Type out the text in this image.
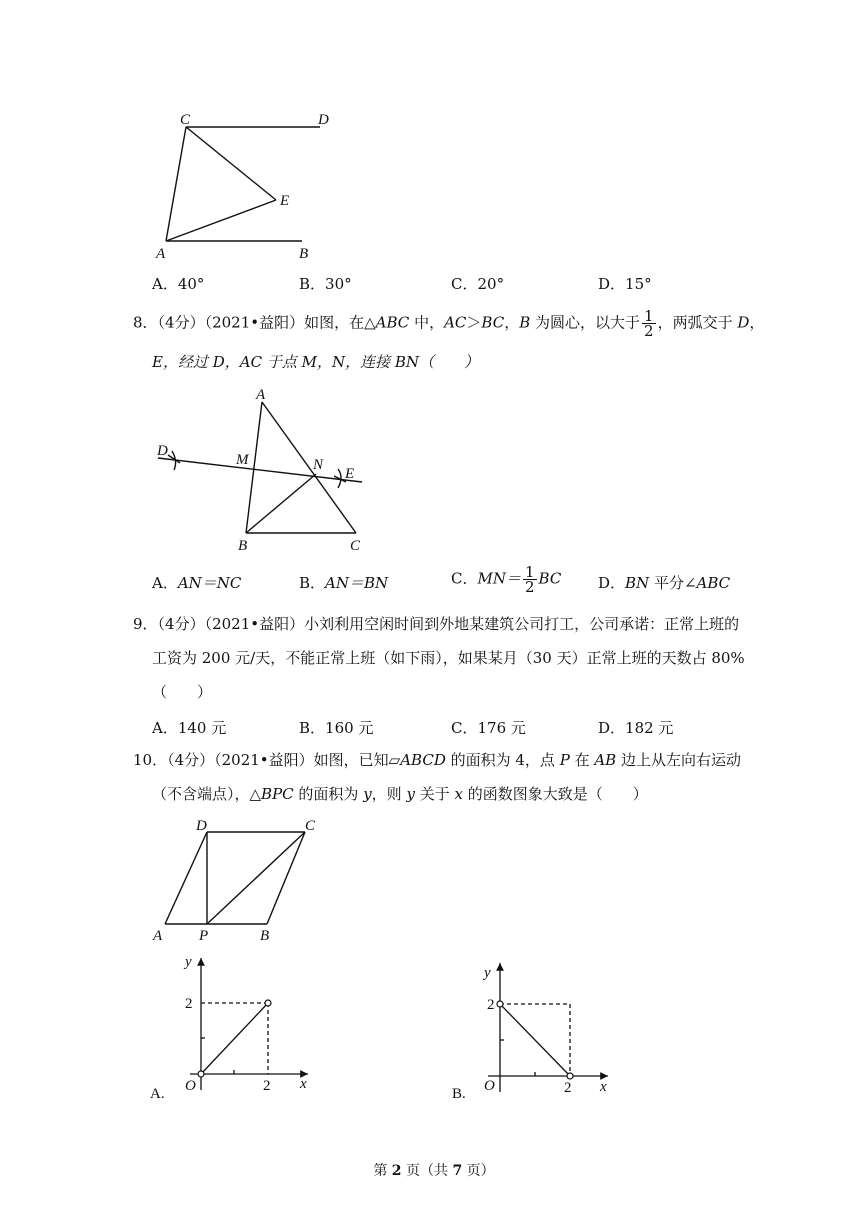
C	D
E
A	B
A．40°	B．30°	C．20°	D．15°
8．（4分）（2021•益阳）如图，在△ABC 中，AC＞BC，B 为圆心，以大于 $\frac{1}{2}$ ，两弧交于 D，
E，经过 D，AC 于点 M，N，连接 BN（　　）
A
D
M	N
E
B	C
A．AN＝NC	B．AN＝BN	C．$MN= \frac{1}{2}$ BC D．BN 平分∠ABC
9．（4分）（2021•益阳）小刘利用空闲时间到外地某建筑公司打工，公司承诺：正常上班的
工资为 200 元/天，不能正常上班（如下雨），如果某月（30 天）正常上班的天数占 80%
（　　）
A．140 元	B．160 元	C．176 元	D．182 元
10．（4分）（2021•益阳）如图，已知▱ABCD 的面积为 4，点 P 在 AB 边上从左向右运动
（不含端点），△BPC 的面积为 y，则 y 关于 x 的函数图象大致是（　　）
D	C
A P	B
y
x
O
2
2
A.
y
x
O
2
2
B.
第 2 页（共 7 页）
